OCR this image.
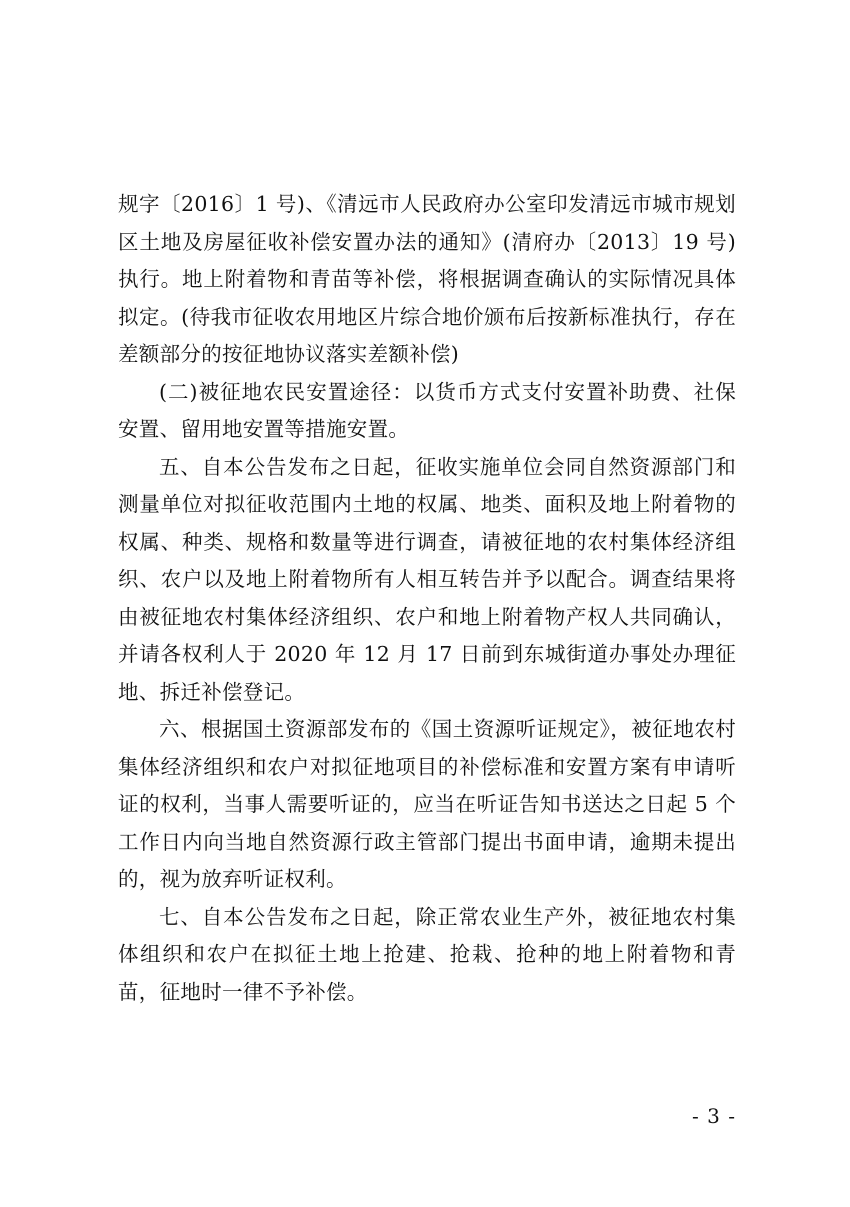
规字〔2016〕1 号)、《清远市人民政府办公室印发清远市城市规划区土地及房屋征收补偿安置办法的通知》(清府办〔2013〕19 号)执行。地上附着物和青苗等补偿，将根据调查确认的实际情况具体拟定。(待我市征收农用地区片综合地价颁布后按新标准执行，存在差额部分的按征地协议落实差额补偿)

(二)被征地农民安置途径：以货币方式支付安置补助费、社保安置、留用地安置等措施安置。

五、自本公告发布之日起，征收实施单位会同自然资源部门和测量单位对拟征收范围内土地的权属、地类、面积及地上附着物的权属、种类、规格和数量等进行调查，请被征地的农村集体经济组织、农户以及地上附着物所有人相互转告并予以配合。调查结果将由被征地农村集体经济组织、农户和地上附着物产权人共同确认，并请各权利人于 2020 年 12 月 17 日前到东城街道办事处办理征地、拆迁补偿登记。

六、根据国土资源部发布的《国土资源听证规定》，被征地农村集体经济组织和农户对拟征地项目的补偿标准和安置方案有申请听证的权利，当事人需要听证的，应当在听证告知书送达之日起 5 个工作日内向当地自然资源行政主管部门提出书面申请，逾期未提出的，视为放弃听证权利。

七、自本公告发布之日起，除正常农业生产外，被征地农村集体组织和农户在拟征土地上抢建、抢栽、抢种的地上附着物和青苗，征地时一律不予补偿。

- 3 -
